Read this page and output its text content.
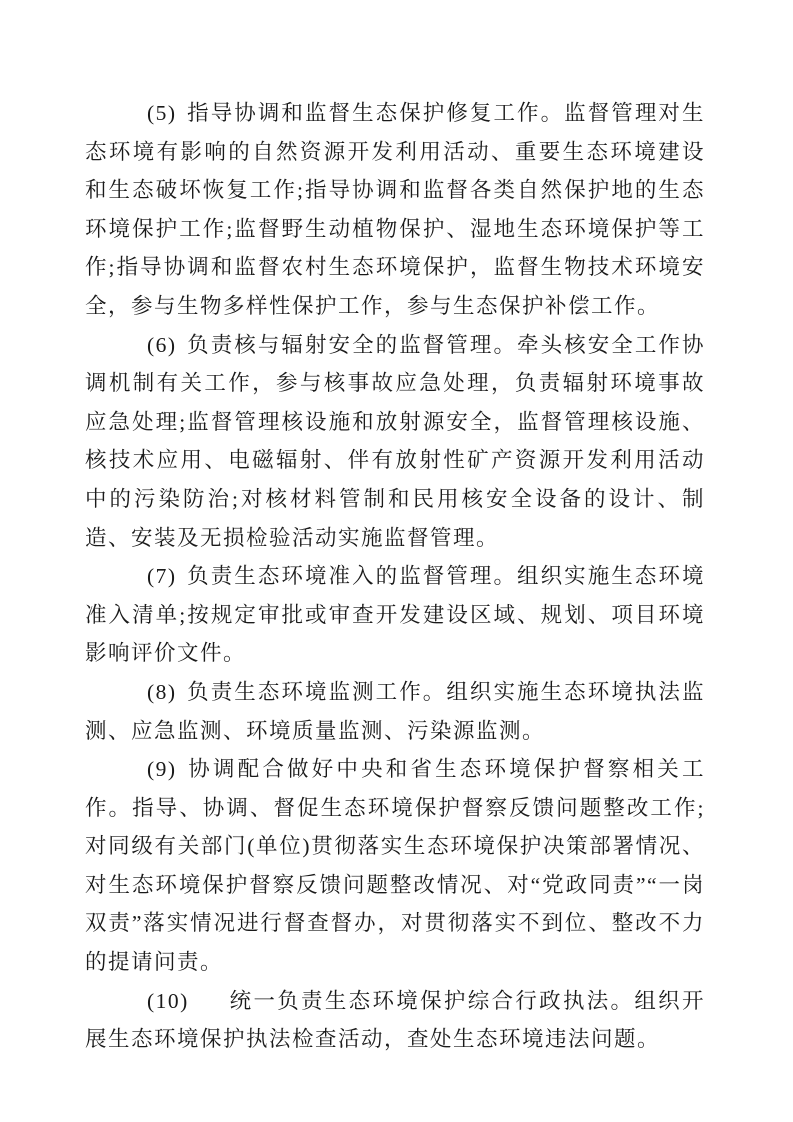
(5) 指导协调和监督生态保护修复工作。监督管理对生态环境有影响的自然资源开发利用活动、重要生态环境建设和生态破坏恢复工作;指导协调和监督各类自然保护地的生态环境保护工作;监督野生动植物保护、湿地生态环境保护等工作;指导协调和监督农村生态环境保护，监督生物技术环境安全，参与生物多样性保护工作，参与生态保护补偿工作。

(6) 负责核与辐射安全的监督管理。牵头核安全工作协调机制有关工作，参与核事故应急处理，负责辐射环境事故应急处理;监督管理核设施和放射源安全，监督管理核设施、核技术应用、电磁辐射、伴有放射性矿产资源开发利用活动中的污染防治;对核材料管制和民用核安全设备的设计、制造、安装及无损检验活动实施监督管理。

(7) 负责生态环境准入的监督管理。组织实施生态环境准入清单;按规定审批或审查开发建设区域、规划、项目环境影响评价文件。

(8) 负责生态环境监测工作。组织实施生态环境执法监测、应急监测、环境质量监测、污染源监测。

(9) 协调配合做好中央和省生态环境保护督察相关工作。指导、协调、督促生态环境保护督察反馈问题整改工作;对同级有关部门(单位)贯彻落实生态环境保护决策部署情况、对生态环境保护督察反馈问题整改情况、对“党政同责”“一岗双责”落实情况进行督查督办，对贯彻落实不到位、整改不力的提请问责。

(10) 统一负责生态环境保护综合行政执法。组织开展生态环境保护执法检查活动，查处生态环境违法问题。
